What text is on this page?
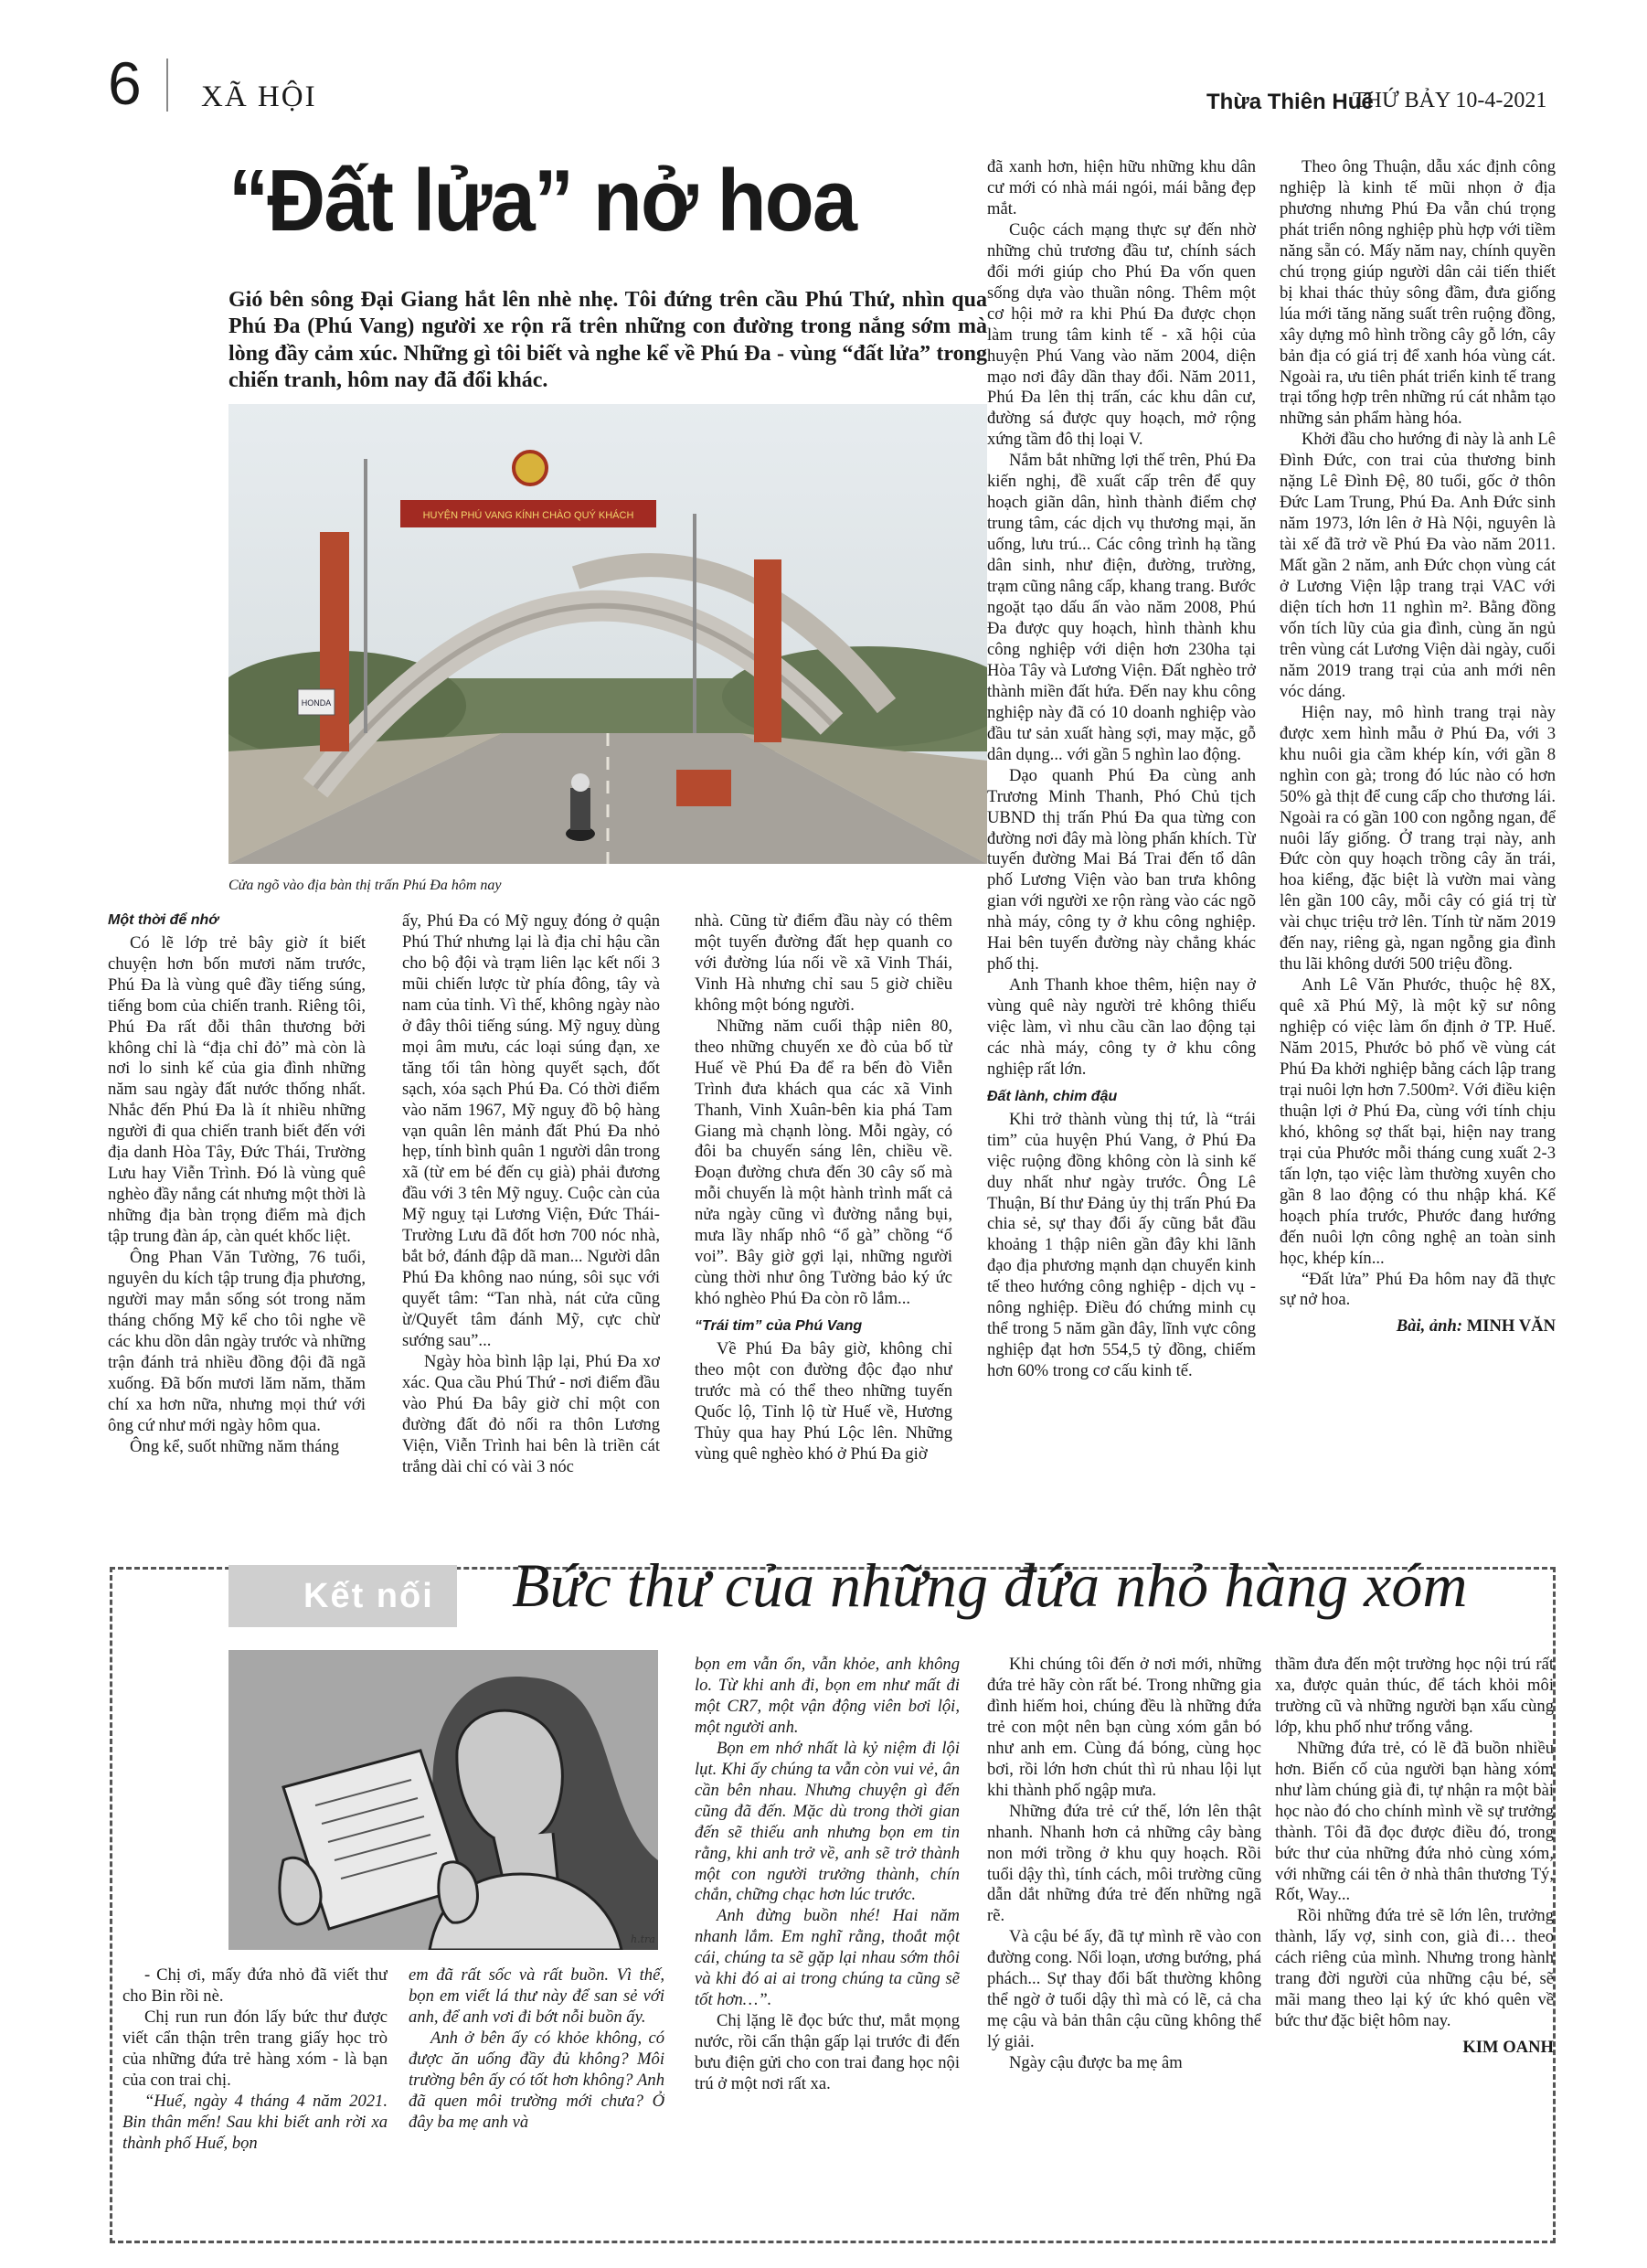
6 XÃ HỘI	Thừa Thiên Huế
THỨ BẢY 10-4-2021
“Đất lửa” nở hoa
Gió bên sông Đại Giang hắt lên nhè nhẹ. Tôi đứng trên cầu Phú Thứ, nhìn qua Phú Đa (Phú Vang) người xe rộn rã trên những con đường trong nắng sớm mà lòng đầy cảm xúc. Những gì tôi biết và nghe kể về Phú Đa - vùng “đất lửa” trong chiến tranh, hôm nay đã đổi khác.
HUYỆN PHÚ VANG KÍNH CHÀO QUÝ KHÁCH
HONDA
Cửa ngõ vào địa bàn thị trấn Phú Đa hôm nay

Một thời để nhớ

Có lẽ lớp trẻ bây giờ ít biết chuyện hơn bốn mươi năm trước, Phú Đa là vùng quê đầy tiếng súng, tiếng bom của chiến tranh. Riêng tôi, Phú Đa rất đỗi thân thương bởi không chỉ là “địa chỉ đỏ” mà còn là nơi lo sinh kế của gia đình những năm sau ngày đất nước thống nhất. Nhắc đến Phú Đa là ít nhiều những người đi qua chiến tranh biết đến với địa danh Hòa Tây, Đức Thái, Trường Lưu hay Viễn Trình. Đó là vùng quê nghèo đầy nắng cát nhưng một thời là những địa bàn trọng điểm mà địch tập trung đàn áp, càn quét khốc liệt.

Ông Phan Văn Tường, 76 tuổi, nguyên du kích tập trung địa phương, người may mắn sống sót trong năm tháng chống Mỹ kể cho tôi nghe về các khu dồn dân ngày trước và những trận đánh trả nhiều đồng đội đã ngã xuống. Đã bốn mươi lăm năm, thăm chí xa hơn nữa, nhưng mọi thứ với ông cứ như mới ngày hôm qua.

Ông kể, suốt những năm tháng

ấy, Phú Đa có Mỹ nguỵ đóng ở quận Phú Thứ nhưng lại là địa chỉ hậu cần cho bộ đội và trạm liên lạc kết nối 3 mũi chiến lược từ phía đông, tây và nam của tỉnh. Vì thế, không ngày nào ở đây thôi tiếng súng. Mỹ nguỵ dùng mọi âm mưu, các loại súng đạn, xe tăng tối tân hòng quyết sạch, đốt sạch, xóa sạch Phú Đa. Có thời điểm vào năm 1967, Mỹ nguỵ đồ bộ hàng vạn quân lên mảnh đất Phú Đa nhỏ hẹp, tính bình quân 1 người dân trong xã (từ em bé đến cụ già) phải đương đầu với 3 tên Mỹ nguỵ. Cuộc càn của Mỹ nguỵ tại Lương Viện, Đức Thái-Trường Lưu đã đốt hơn 700 nóc nhà, bắt bớ, đánh đập dã man... Người dân Phú Đa không nao núng, sôi sục với quyết tâm: “Tan nhà, nát cửa cũng ừ/Quyết tâm đánh Mỹ, cực chừ sướng sau”...

Ngày hòa bình lập lại, Phú Đa xơ xác. Qua cầu Phú Thứ - nơi điểm đầu vào Phú Đa bây giờ chỉ một con đường đất đỏ nối ra thôn Lương Viện, Viễn Trình hai bên là triền cát trắng dài chỉ có vài 3 nóc

nhà. Cũng từ điểm đầu này có thêm một tuyến đường đất hẹp quanh co với đường lúa nối về xã Vinh Thái, Vinh Hà nhưng chỉ sau 5 giờ chiều không một bóng người.

Những năm cuối thập niên 80, theo những chuyến xe đò của bố từ Huế về Phú Đa để ra bến đò Viễn Trình đưa khách qua các xã Vinh Thanh, Vinh Xuân-bên kia phá Tam Giang mà chạnh lòng. Mỗi ngày, có đôi ba chuyến sáng lên, chiều về. Đoạn đường chưa đến 30 cây số mà mỗi chuyến là một hành trình mất cả nửa ngày cũng vì đường nắng bụi, mưa lầy nhấp nhô “ổ gà” chồng “ổ voi”. Bây giờ gợi lại, những người cùng thời như ông Tường bảo ký ức khó nghèo Phú Đa còn rõ lắm...

“Trái tim” của Phú Vang

Về Phú Đa bây giờ, không chỉ theo một con đường độc đạo như trước mà có thể theo những tuyến Quốc lộ, Tỉnh lộ từ Huế về, Hương Thủy qua hay Phú Lộc lên. Những vùng quê nghèo khó ở Phú Đa giờ

đã xanh hơn, hiện hữu những khu dân cư mới có nhà mái ngói, mái bằng đẹp mắt.

Cuộc cách mạng thực sự đến nhờ những chủ trương đầu tư, chính sách đổi mới giúp cho Phú Đa vốn quen sống dựa vào thuần nông. Thêm một cơ hội mở ra khi Phú Đa được chọn làm trung tâm kinh tế - xã hội của huyện Phú Vang vào năm 2004, diện mạo nơi đây dần thay đổi. Năm 2011, Phú Đa lên thị trấn, các khu dân cư, đường sá được quy hoạch, mở rộng xứng tầm đô thị loại V.

Nắm bắt những lợi thế trên, Phú Đa kiến nghị, đề xuất cấp trên để quy hoạch giãn dân, hình thành điểm chợ trung tâm, các dịch vụ thương mại, ăn uống, lưu trú... Các công trình hạ tầng dân sinh, như điện, đường, trường, trạm cũng nâng cấp, khang trang. Bước ngoặt tạo dấu ấn vào năm 2008, Phú Đa được quy hoạch, hình thành khu công nghiệp với diện hơn 230ha tại Hòa Tây và Lương Viện. Đất nghèo trở thành miền đất hứa. Đến nay khu công nghiệp này đã có 10 doanh nghiệp vào đầu tư sản xuất hàng sợi, may mặc, gỗ dân dụng... với gần 5 nghìn lao động.

Dạo quanh Phú Đa cùng anh Trương Minh Thanh, Phó Chủ tịch UBND thị trấn Phú Đa qua từng con đường nơi đây mà lòng phấn khích. Từ tuyến đường Mai Bá Trai đến tổ dân phố Lương Viện vào ban trưa không gian với người xe rộn ràng vào các ngõ nhà máy, công ty ở khu công nghiệp. Hai bên tuyến đường này chẳng khác phố thị.

Anh Thanh khoe thêm, hiện nay ở vùng quê này người trẻ không thiếu việc làm, vì nhu cầu cần lao động tại các nhà máy, công ty ở khu công nghiệp rất lớn.

Đất lành, chim đậu

Khi trở thành vùng thị tứ, là “trái tim” của huyện Phú Vang, ở Phú Đa việc ruộng đồng không còn là sinh kế duy nhất như ngày trước. Ông Lê Thuận, Bí thư Đảng ủy thị trấn Phú Đa chia sẻ, sự thay đổi ấy cũng bắt đầu khoảng 1 thập niên gần đây khi lãnh đạo địa phương mạnh dạn chuyển kinh tế theo hướng công nghiệp - dịch vụ - nông nghiệp. Điều đó chứng minh cụ thể trong 5 năm gần đây, lĩnh vực công nghiệp đạt hơn 554,5 tỷ đồng, chiếm hơn 60% trong cơ cấu kinh tế.

Theo ông Thuận, dẫu xác định công nghiệp là kinh tế mũi nhọn ở địa phương nhưng Phú Đa vẫn chú trọng phát triển nông nghiệp phù hợp với tiềm năng sẵn có. Mấy năm nay, chính quyền chú trọng giúp người dân cải tiến thiết bị khai thác thủy sông đầm, đưa giống lúa mới tăng năng suất trên ruộng đồng, xây dựng mô hình trồng cây gỗ lớn, cây bản địa có giá trị để xanh hóa vùng cát. Ngoài ra, ưu tiên phát triển kinh tế trang trại tổng hợp trên những rú cát nhằm tạo những sản phẩm hàng hóa.

Khởi đầu cho hướng đi này là anh Lê Đình Đức, con trai của thương binh nặng Lê Đình Đệ, 80 tuổi, gốc ở thôn Đức Lam Trung, Phú Đa. Anh Đức sinh năm 1973, lớn lên ở Hà Nội, nguyên là tài xế đã trở về Phú Đa vào năm 2011. Mất gần 2 năm, anh Đức chọn vùng cát ở Lương Viện lập trang trại VAC với diện tích hơn 11 nghìn m². Bằng đồng vốn tích lũy của gia đình, cùng ăn ngủ trên vùng cát Lương Viện dài ngày, cuối năm 2019 trang trại của anh mới nên vóc dáng.

Hiện nay, mô hình trang trại này được xem hình mẫu ở Phú Đa, với 3 khu nuôi gia cầm khép kín, với gần 8 nghìn con gà; trong đó lúc nào có hơn 50% gà thịt để cung cấp cho thương lái. Ngoài ra có gần 100 con ngỗng ngan, để nuôi lấy giống. Ở trang trại này, anh Đức còn quy hoạch trồng cây ăn trái, hoa kiểng, đặc biệt là vườn mai vàng lên gần 100 cây, mỗi cây có giá trị từ vài chục triệu trở lên. Tính từ năm 2019 đến nay, riêng gà, ngan ngỗng gia đình thu lãi không dưới 500 triệu đồng.

Anh Lê Văn Phước, thuộc hệ 8X, quê xã Phú Mỹ, là một kỹ sư nông nghiệp có việc làm ổn định ở TP. Huế. Năm 2015, Phước bỏ phố về vùng cát Phú Đa khởi nghiệp bằng cách lập trang trại nuôi lợn hơn 7.500m². Với điều kiện thuận lợi ở Phú Đa, cùng với tính chịu khó, không sợ thất bại, hiện nay trang trại của Phước mỗi tháng cung xuất 2-3 tấn lợn, tạo việc làm thường xuyên cho gần 8 lao động có thu nhập khá. Kế hoạch phía trước, Phước đang hướng đến nuôi lợn công nghệ an toàn sinh học, khép kín...

“Đất lửa” Phú Đa hôm nay đã thực sự nở hoa.

Bài, ảnh: MINH VĂN

Kết nối Bức thư của những đứa nhỏ hàng xóm
h.tra

- Chị ơi, mấy đứa nhỏ đã viết thư cho Bin rồi nè.

Chị run run đón lấy bức thư được viết cẩn thận trên trang giấy học trò của những đứa trẻ hàng xóm - là bạn của con trai chị.

“Huế, ngày 4 tháng 4 năm 2021. Bin thân mến! Sau khi biết anh rời xa thành phố Huế, bọn

em đã rất sốc và rất buồn. Vì thế, bọn em viết lá thư này để san sẻ với anh, để anh vơi đi bớt nỗi buồn ấy.

Anh ở bên ấy có khỏe không, có được ăn uống đầy đủ không? Môi trường bên ấy có tốt hơn không? Anh đã quen môi trường mới chưa? Ở đây ba mẹ anh và

bọn em vẫn ổn, vẫn khỏe, anh không lo. Từ khi anh đi, bọn em như mất đi một CR7, một vận động viên bơi lội, một người anh.

Bọn em nhớ nhất là kỷ niệm đi lội lụt. Khi ấy chúng ta vẫn còn vui vẻ, ân cần bên nhau. Nhưng chuyện gì đến cũng đã đến. Mặc dù trong thời gian đến sẽ thiếu anh nhưng bọn em tin rằng, khi anh trở về, anh sẽ trở thành một con người trưởng thành, chín chắn, chững chạc hơn lúc trước.

Anh đừng buồn nhé! Hai năm nhanh lắm. Em nghĩ rằng, thoắt một cái, chúng ta sẽ gặp lại nhau sớm thôi và khi đó ai ai trong chúng ta cũng sẽ tốt hơn…”.

Chị lặng lẽ đọc bức thư, mắt mọng nước, rồi cẩn thận gấp lại trước đi đến bưu điện gửi cho con trai đang học nội trú ở một nơi rất xa.

Khi chúng tôi đến ở nơi mới, những đứa trẻ hãy còn rất bé. Trong những gia đình hiếm hoi, chúng đều là những đứa trẻ con một nên bạn cùng xóm gắn bó như anh em. Cùng đá bóng, cùng học bơi, rồi lớn hơn chút thì rủ nhau lội lụt khi thành phố ngập mưa.

Những đứa trẻ cứ thế, lớn lên thật nhanh. Nhanh hơn cả những cây bàng non mới trồng ở khu quy hoạch. Rồi tuổi dậy thì, tính cách, môi trường cũng dẫn dắt những đứa trẻ đến những ngã rẽ.

Và cậu bé ấy, đã tự mình rẽ vào con đường cong. Nổi loạn, ương bướng, phá phách... Sự thay đổi bất thường không thể ngờ ở tuổi dậy thì mà có lẽ, cả cha mẹ cậu và bản thân cậu cũng không thể lý giải.

Ngày cậu được ba mẹ âm

thầm đưa đến một trường học nội trú rất xa, được quản thúc, để tách khỏi môi trường cũ và những người bạn xấu cùng lớp, khu phố như trống vắng.

Những đứa trẻ, có lẽ đã buồn nhiều hơn. Biến cố của người bạn hàng xóm như làm chúng già đi, tự nhận ra một bài học nào đó cho chính mình về sự trưởng thành. Tôi đã đọc được điều đó, trong bức thư của những đứa nhỏ cùng xóm, với những cái tên ở nhà thân thương Tý, Rốt, Way...

Rồi những đứa trẻ sẽ lớn lên, trưởng thành, lấy vợ, sinh con, già đi… theo cách riêng của mình. Nhưng trong hành trang đời người của những cậu bé, sẽ mãi mang theo lại ký ức khó quên về bức thư đặc biệt hôm nay.

KIM OANH
